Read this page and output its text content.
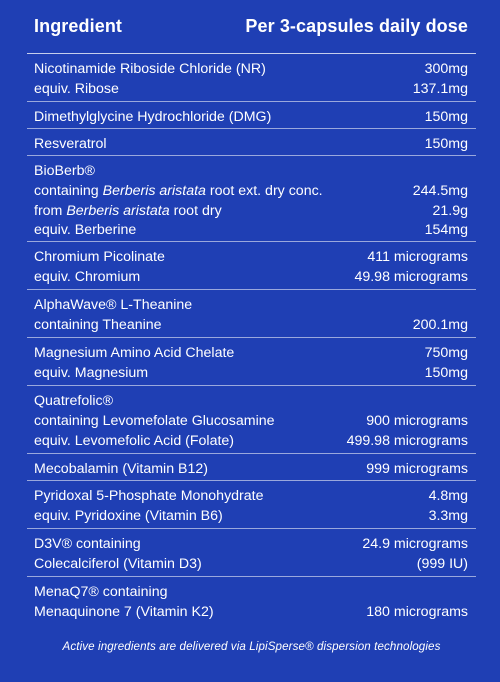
Ingredient	Per 3-capsules daily dose
Nicotinamide Riboside Chloride (NR)	300mg
equiv. Ribose	137.1mg
Dimethylglycine Hydrochloride (DMG)	150mg
Resveratrol	150mg
BioBerb®
containing Berberis aristata root ext. dry conc.	244.5mg
from Berberis aristata root dry	21.9g
equiv. Berberine	154mg
Chromium Picolinate	411 micrograms
equiv. Chromium	49.98 micrograms
AlphaWave® L-Theanine
containing Theanine	200.1mg
Magnesium Amino Acid Chelate	750mg
equiv. Magnesium	150mg
Quatrefolic®
containing Levomefolate Glucosamine	900 micrograms
equiv. Levomefolic Acid (Folate)	499.98 micrograms
Mecobalamin (Vitamin B12)	999 micrograms
Pyridoxal 5-Phosphate Monohydrate	4.8mg
equiv. Pyridoxine (Vitamin B6)	3.3mg
D3V® containing	24.9 micrograms
Colecalciferol (Vitamin D3)	(999 IU)
MenaQ7® containing
Menaquinone 7 (Vitamin K2)	180 micrograms
Active ingredients are delivered via LipiSperse® dispersion technologies
